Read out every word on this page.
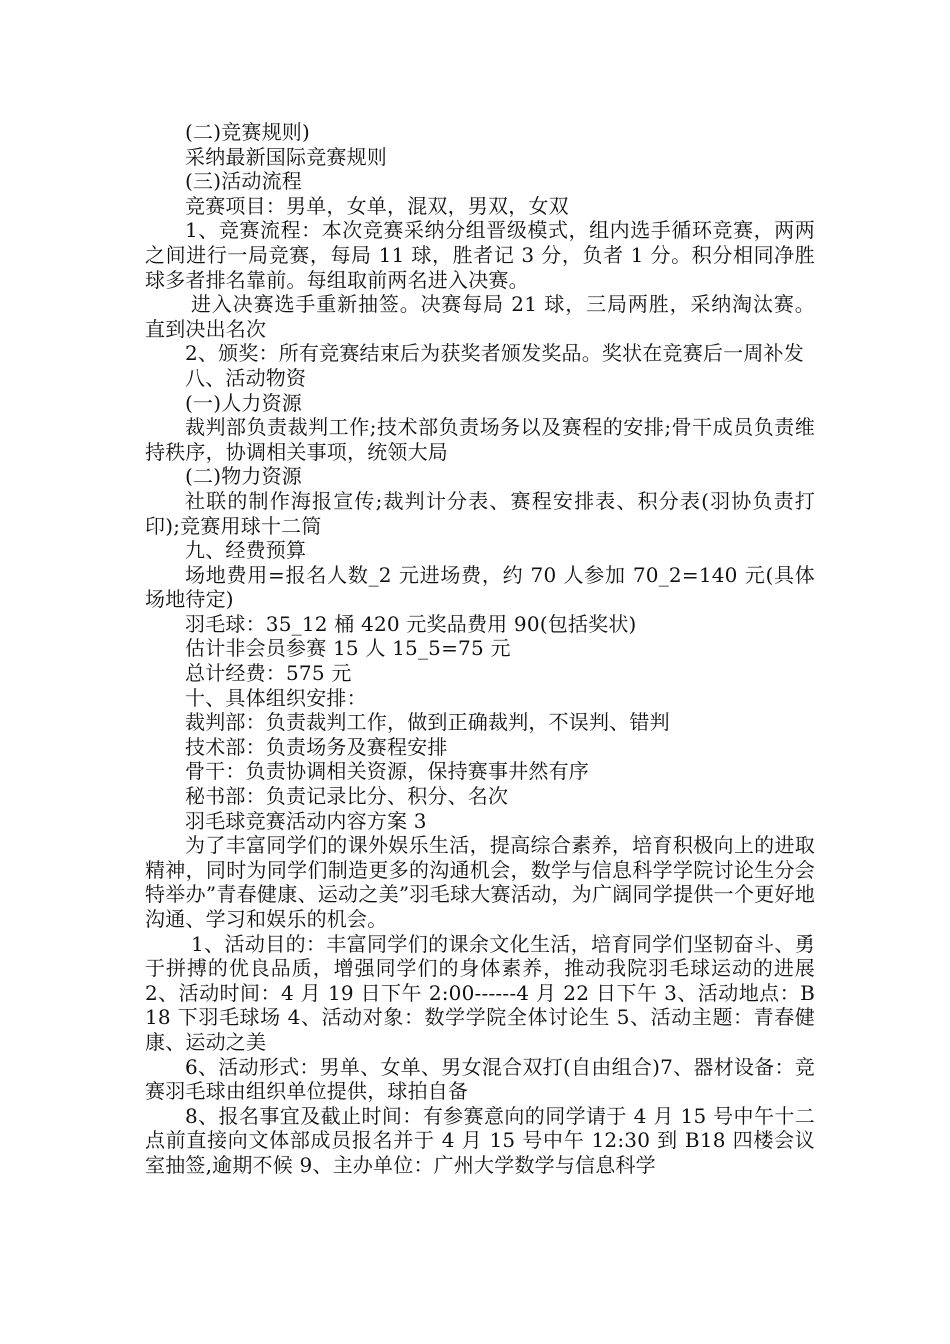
(二)竞赛规则)

采纳最新国际竞赛规则

(三)活动流程

竞赛项目：男单，女单，混双，男双，女双

1、竞赛流程：本次竞赛采纳分组晋级模式，组内选手循环竞赛，两两之间进行一局竞赛，每局 11 球，胜者记 3 分，负者 1 分。积分相同净胜球多者排名靠前。每组取前两名进入决赛。

进入决赛选手重新抽签。决赛每局 21 球，三局两胜，采纳淘汰赛。直到决出名次

2、颁奖：所有竞赛结束后为获奖者颁发奖品。奖状在竞赛后一周补发

八、活动物资

(一)人力资源

裁判部负责裁判工作;技术部负责场务以及赛程的安排;骨干成员负责维持秩序，协调相关事项，统领大局

(二)物力资源

社联的制作海报宣传;裁判计分表、赛程安排表、积分表(羽协负责打印);竞赛用球十二筒

九、经费预算

场地费用=报名人数_2 元进场费，约 70 人参加 70_2=140 元(具体场地待定)

羽毛球：35_12 桶 420 元奖品费用 90(包括奖状)

估计非会员参赛 15 人 15_5=75 元

总计经费：575 元

十、具体组织安排：

裁判部：负责裁判工作，做到正确裁判，不误判、错判

技术部：负责场务及赛程安排

骨干：负责协调相关资源，保持赛事井然有序

秘书部：负责记录比分、积分、名次

羽毛球竞赛活动内容方案 3

为了丰富同学们的课外娱乐生活，提高综合素养，培育积极向上的进取精神，同时为同学们制造更多的沟通机会，数学与信息科学学院讨论生分会特举办”青春健康、运动之美”羽毛球大赛活动，为广阔同学提供一个更好地沟通、学习和娱乐的机会。

1、活动目的：丰富同学们的课余文化生活，培育同学们坚韧奋斗、勇于拼搏的优良品质，增强同学们的身体素养，推动我院羽毛球运动的进展 2、活动时间：4 月 19 日下午 2:00------4 月 22 日下午 3、活动地点：B18 下羽毛球场 4、活动对象：数学学院全体讨论生 5、活动主题：青春健康、运动之美

6、活动形式：男单、女单、男女混合双打(自由组合)7、器材设备：竞赛羽毛球由组织单位提供，球拍自备

8、报名事宜及截止时间：有参赛意向的同学请于 4 月 15 号中午十二点前直接向文体部成员报名并于 4 月 15 号中午 12:30 到 B18 四楼会议室抽签,逾期不候 9、主办单位：广州大学数学与信息科学
